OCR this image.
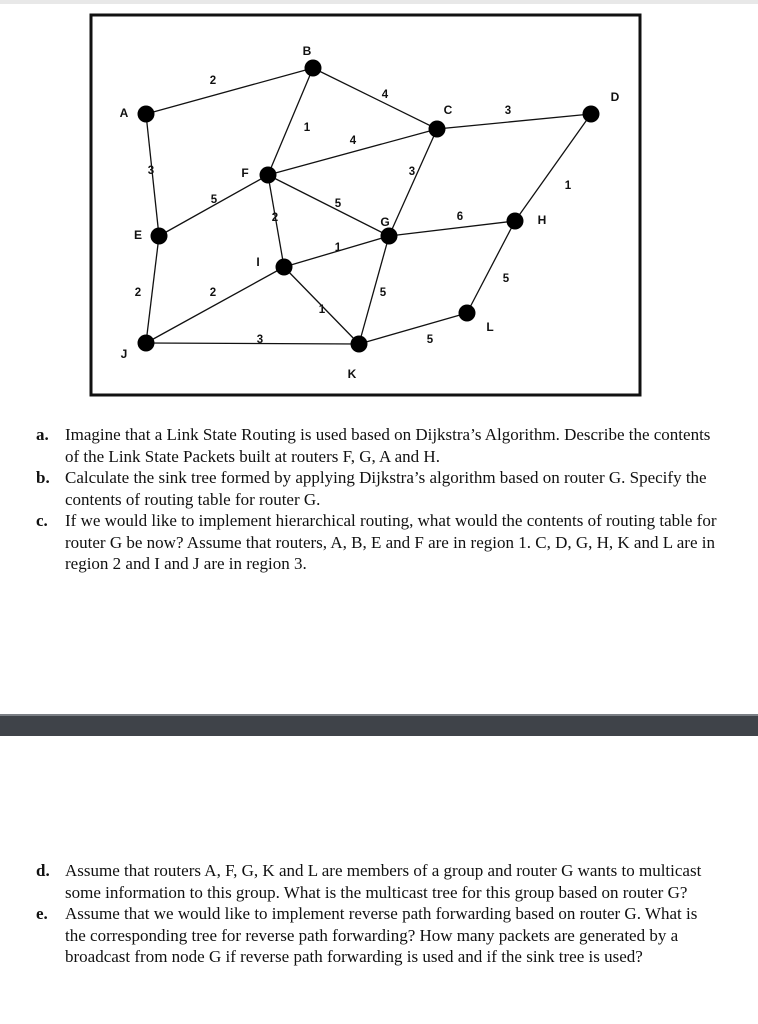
2
3
4
1
4
3
3
1
5	5
2	6
2
1
2
1
5
3	5
5
A
B
C
D
E
F
G	H
I
J
K
L
a. Imagine that a Link State Routing is used based on Dijkstra’s Algorithm. Describe the contents of the Link State Packets built at routers F, G, A and H.
b. Calculate the sink tree formed by applying Dijkstra’s algorithm based on router G. Specify the contents of routing table for router G.
c. If we would like to implement hierarchical routing, what would the contents of routing table for router G be now? Assume that routers, A, B, E and F are in region 1. C, D, G, H, K and L are in region 2 and I and J are in region 3.
d. Assume that routers A, F, G, K and L are members of a group and router G wants to multicast some information to this group. What is the multicast tree for this group based on router G?
e. Assume that we would like to implement reverse path forwarding based on router G. What is the corresponding tree for reverse path forwarding? How many packets are generated by a broadcast from node G if reverse path forwarding is used and if the sink tree is used?
